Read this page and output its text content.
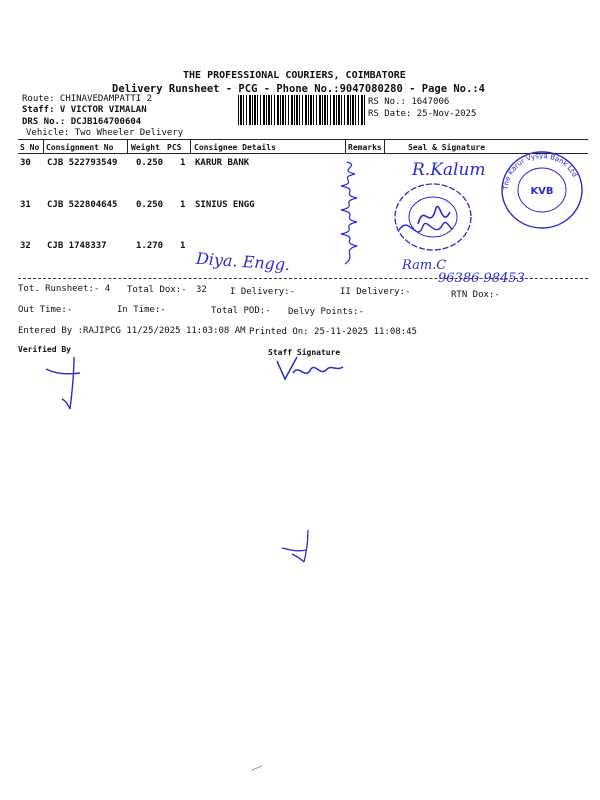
THE PROFESSIONAL COURIERS, COIMBATORE
Delivery Runsheet - PCG - Phone No.:9047080280 - Page No.:4
Route: CHINAVEDAMPATTI 2
Staff: V VICTOR VIMALAN
DRS No.: DCJB164700604
Vehicle: Two Wheeler Delivery
RS No.: 1647006
RS Date: 25-Nov-2025
S No Consignment No Weight PCS Consignee Details	Remarks	Seal & Signature
30 CJB 522793549 0.250 1 KARUR BANK
31 CJB 522804645 0.250 1 SINIUS ENGG
32 CJB 1748337	1.270 1
Diya. Engg.
R.Kalum
Ram.C
96386 98453
The Karur Vysya Bank Ltd
KVB
Tot. Runsheet:- 4 Total Dox:- 32	I Delivery:-	II Delivery:-	RTN Dox:-
Out Time:-	In Time:-	Total POD:- Delvy Points:-
Entered By :RAJIPCG 11/25/2025 11:03:08 AM Printed On: 25-11-2025 11:08:45
Verified By	Staff Signature
